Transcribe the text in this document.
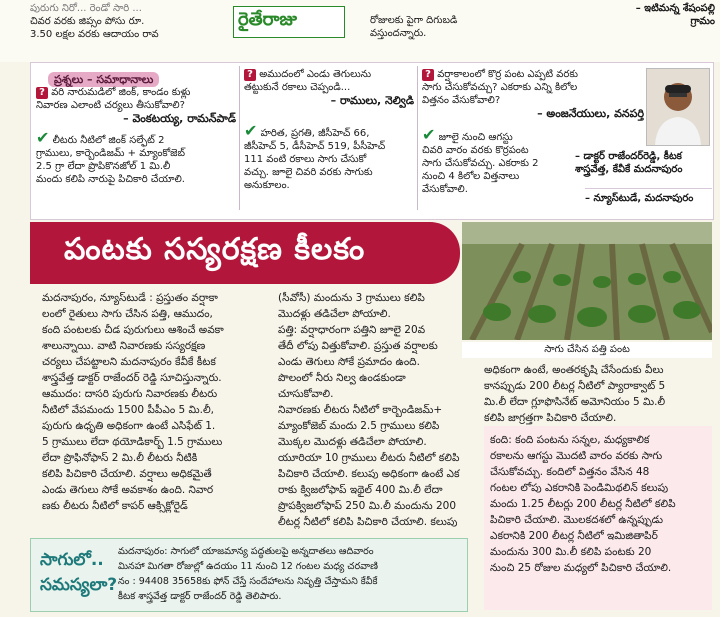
పురుగు నిరో... రెండో సారి ...
చివర వరకు జిప్సం పోసు రూ.
3.50 లక్షల వరకు ఆదాయం రావ
రైతేరాజు	రోజులకు పైగా దిగుబడి
వస్తుందన్నారు.
– ఇటిమన్న శేషంపల్లి
గ్రామం
ప్రశ్నలు – సమాధానాలు
? వరి నారుమడిలో జింక్, కాండం కుళ్లు
నివారణ ఎలాంటి చర్యలు తీసుకోవాలి?
– వెంకటయ్య, రామన్‌పాడ్
✔ లీటరు నీటిలో జింక్ సల్ఫేట్ 2
గ్రాములు, కార్బెండిజమ్ + మ్యాంకోజెబ్
2.5 గ్రా లేదా ప్రొపికొనజోల్ 1 మి.లీ
మందు కలిపి నారుపై పిచికారి చేయాలి.
? అముదంలో ఎండు తెగులును
తట్టుకునే రకాలు చెప్పండి...
– రాములు, నెల్విడి
✔ హరిత, ప్రగతి, జీసీహెచ్ 66,
జీసీహెచ్ 5, డీసీహెచ్ 519, పీసీహెచ్
111 వంటి రకాలు సాగు చేసుకో
వచ్చు. జూలై చివరి వరకు సాగుకు
అనుకూలం.
? వర్షాకాలంలో కొర్ర పంట ఎప్పటి వరకు
సాగు చేసుకోవచ్చు? ఎకరాకు ఎన్ని కిలోల
విత్తనం వేసుకోవాలి?
– అంజనేయులు, వనపర్తి
✔ జూలై నుంచి ఆగస్టు
చివరి వారం వరకు కొర్రపంట
సాగు చేసుకోవచ్చు. ఎకరాకు 2
నుంచి 4 కిలోల విత్తనాలు
వేసుకోవాలి.
– డాక్టర్ రాజేందర్‌రెడ్డి, కీటక
శాస్త్రవేత్త, కేవీకే మదనాపురం
– న్యూస్‌టుడే, మదనాపురం
పంటకు సస్యరక్షణ కీలకం
సాగు చేసిన పత్తి పంట
మదనాపురం, న్యూస్‌టుడే : ప్రస్తుతం వర్షాకా
లంలో రైతులు సాగు చేసిన పత్తి, ఆముదం,
కంది పంటలకు చీడ పురుగులు ఆశించే అవకా
శాలున్నాయి. వాటి నివారణకు సస్యరక్షణ
చర్యలు చేపట్టాలని మదనాపురం కేవీకే కీటక
శాస్త్రవేత్త డాక్టర్ రాజేందర్ రెడ్డి సూచిస్తున్నారు.
ఆముదం: దాసరి పురుగు నివారణకు లీటరు
నీటిలో వేపమందు 1500 పీపీఎం 5 మి.లీ,
పురుగు ఉధృతి అధికంగా ఉంటే ఎసిఫేట్ 1.
5 గ్రాములు లేదా థయోడికార్బ్ 1.5 గ్రాములు
లేదా ప్రొఫినోఫాస్ 2 మి.లీ లీటరు నీటికి
కలిపి పిచికారి చేయాలి. వర్షాలు అధికమైతే
ఎండు తెగులు సోకే అవకాశం ఉంది. నివార
ణకు లీటరు నీటిలో కాపర్ ఆక్సిక్లోరైడ్
(సీవోసీ) మందును 3 గ్రాములు కలిపి
మొదళ్లు తడిచేలా పోయాలి.
పత్తి: వర్షాధారంగా పత్తిని జూలై 20వ
తేదీ లోపు విత్తుకోవాలి. ప్రస్తుత వర్షాలకు
ఎండు తెగులు సోకే ప్రమాదం ఉంది.
పొలంలో నీరు నిల్వ ఉండకుండా చూసుకోవాలి.
నివారణకు లీటరు నీటిలో కార్బెండిజమ్+
మ్యాంకోజెబ్ మందు 2.5 గ్రాములు కలిపి
మొక్కల మొదళ్లు తడిచేలా పోయాలి.
యూరియా 10 గ్రాములు లీటరు నీటిలో కలిపి
పిచికారి చేయాలి. కలుపు అధికంగా ఉంటే ఎక
రాకు క్విజలోఫాప్ ఇథైల్ 400 మి.లీ లేదా
ప్రొపక్విజలోఫాప్ 250 మి.లీ మందును 200
లీటర్ల నీటిలో కలిపి పిచికారి చేయాలి. కలుపు
అధికంగా ఉంటే, అంతరకృషి చేసేందుకు వీలు
కానప్పుడు 200 లీటర్ల నీటిలో ప్యారాక్వాట్ 5
మి.లీ లేదా గ్లూఫొసినేట్ అమోనియం 5 మి.లీ
కలిపి జాగ్రత్తగా పిచికారి చేయాలి.
కంది: కంది పంటను సన్నల, మధ్యకాలిక
రకాలను ఆగస్టు మొదటి వారం వరకు సాగు
చేసుకోవచ్చు. కందిలో విత్తనం వేసిన 48
గంటల లోపు ఎకరానికి పెండిమిథలిన్ కలుపు
మందు 1.25 లీటర్లు 200 లీటర్ల నీటిలో కలిపి
పిచికారి చేయాలి. మొలకదశలో ఉన్నప్పుడు
ఎకరానికి 200 లీటర్ల నీటిలో ఇమిజితాపిర్
మందును 300 మి.లీ కలిపి పంటకు 20
నుంచి 25 రోజుల మధ్యలో పిచికారి చేయాలి.
సాగులో..
సమస్యలా?
మదనాపురం: సాగులో యాజమాన్య పద్ధతులపై అన్నదాతలు ఆదివారం
మినహా మిగతా రోజుల్లో ఉదయం 11 నుంచి 12 గంటల మధ్య చరవాణి
నం : 94408 35658కు ఫోన్ చేస్తే సందేహాలను నివృత్తి చేస్తామని కేవీకే
కీటక శాస్త్రవేత్త డాక్టర్ రాజేందర్ రెడ్డి తెలిపారు.
